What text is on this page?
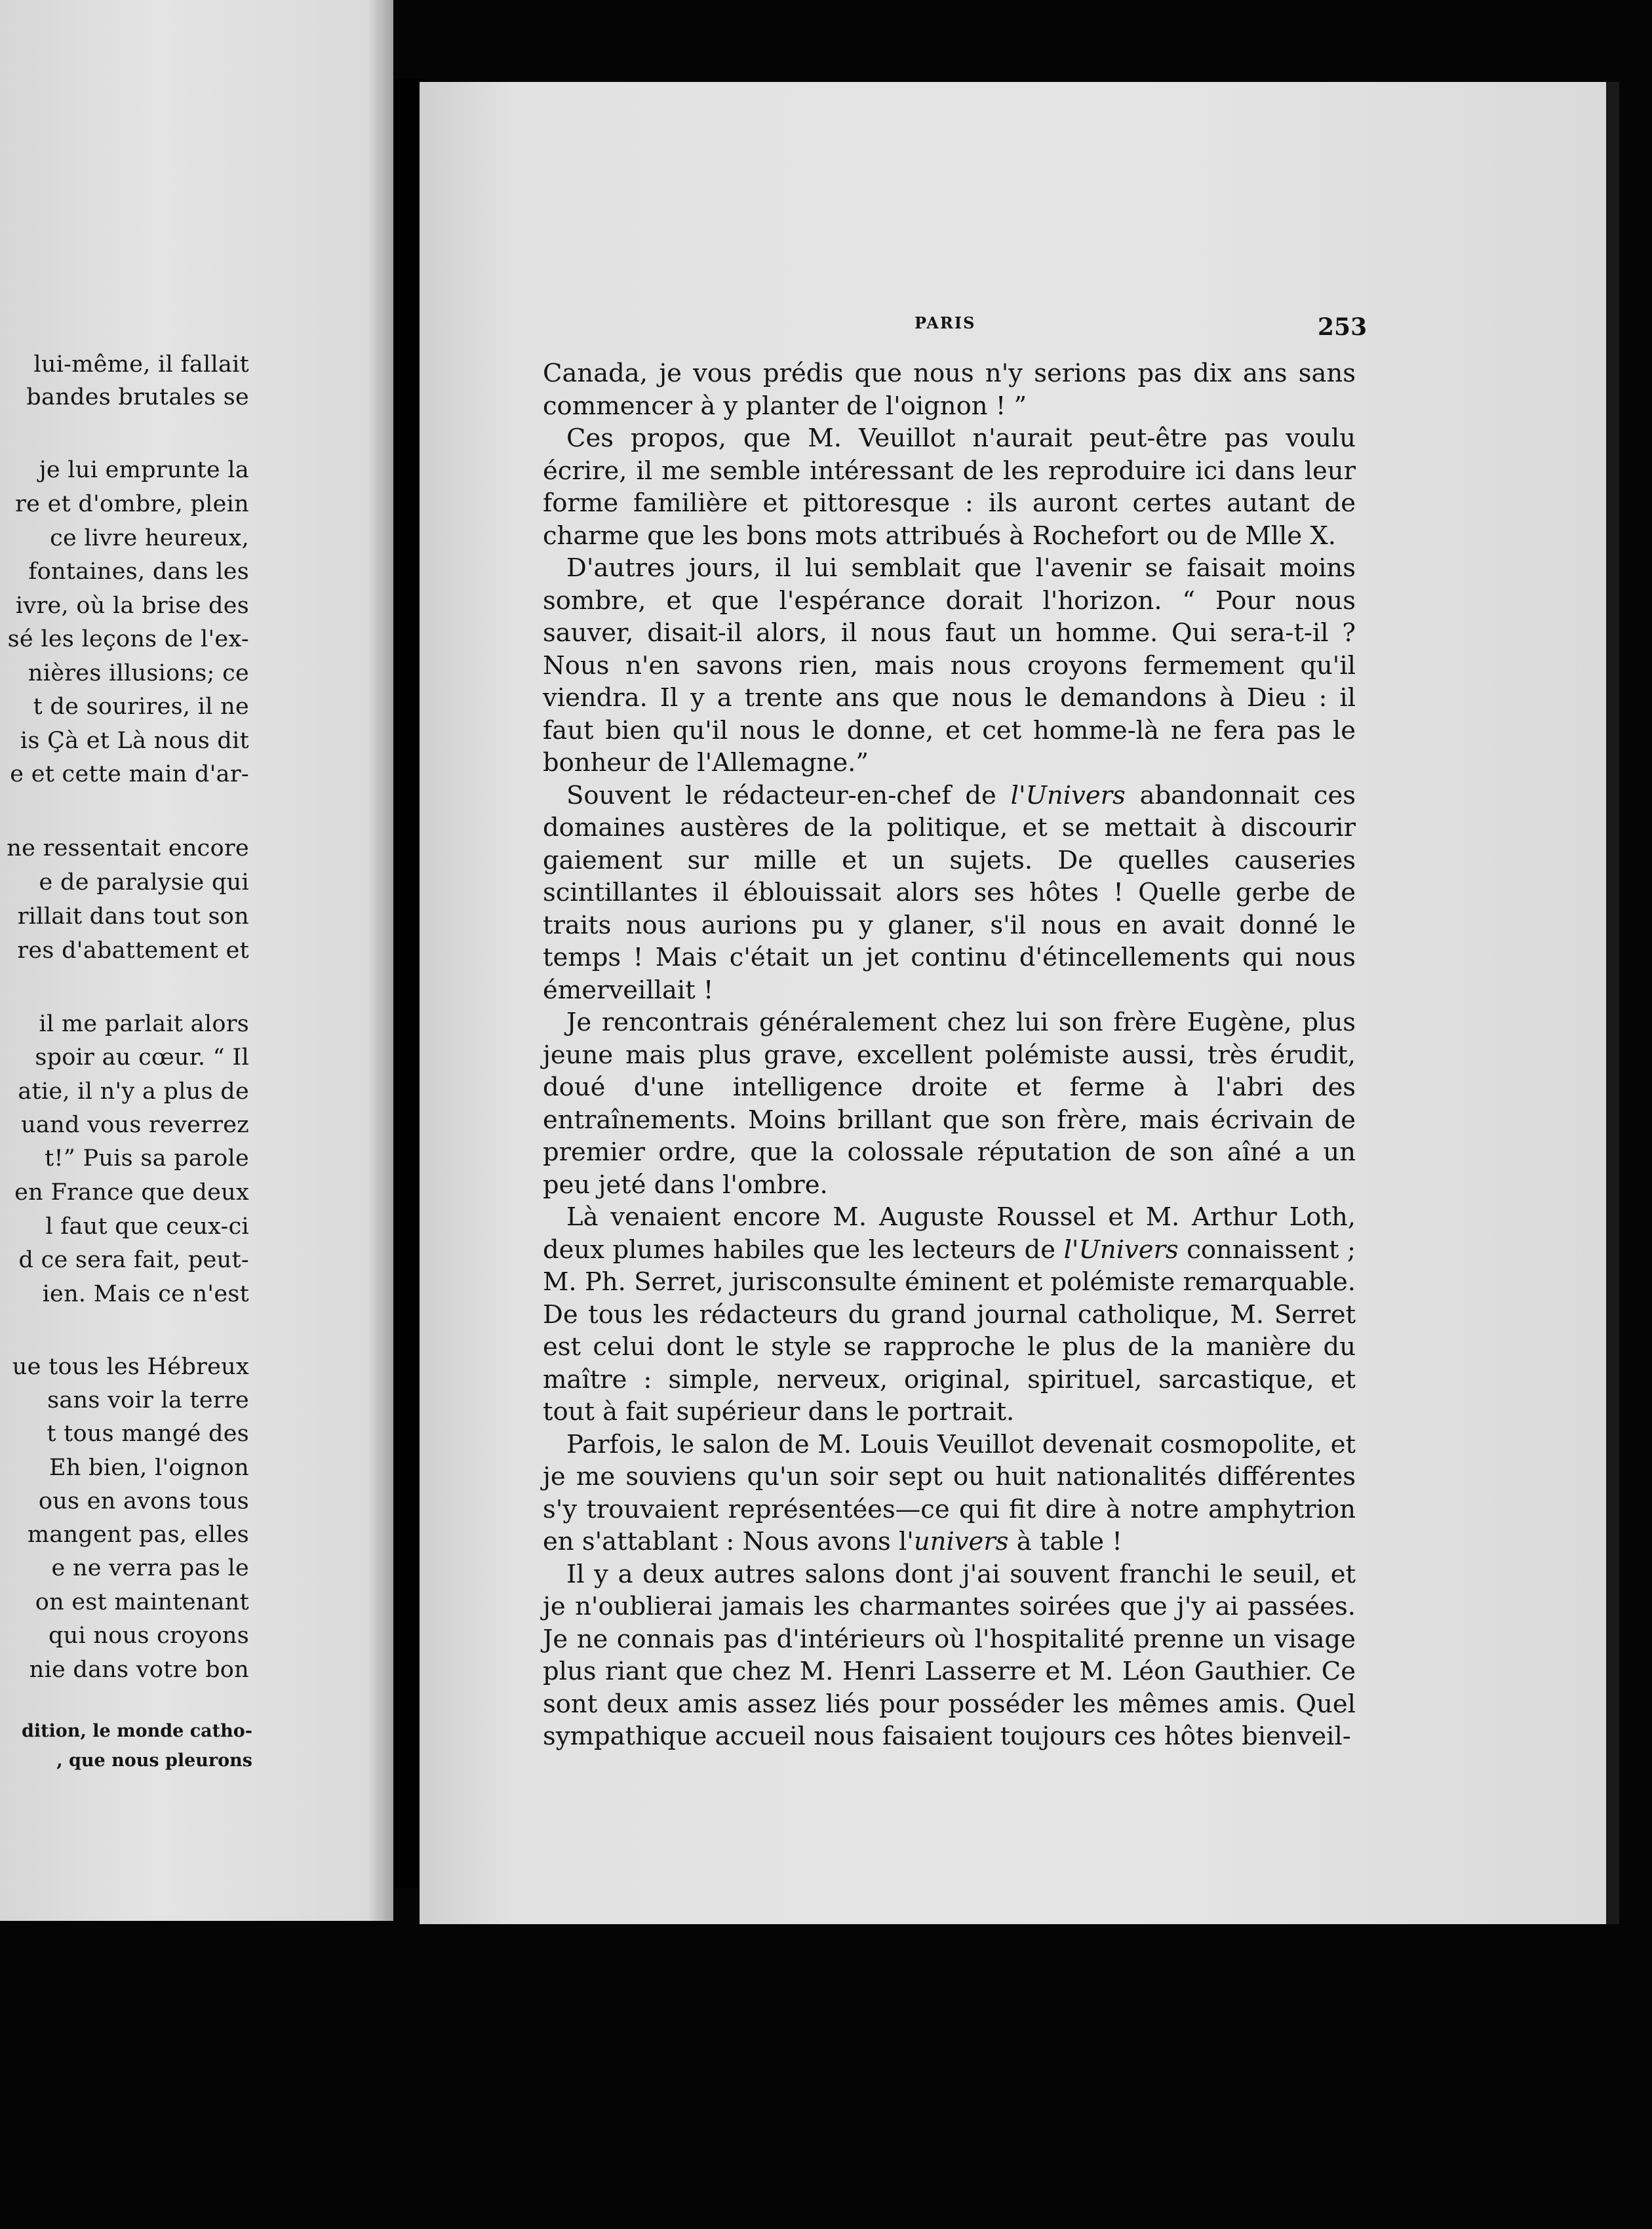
lui-même, il fallait
bandes brutales se
je lui emprunte la
re et d'ombre, plein
ce livre heureux,
fontaines, dans les
ivre, où la brise des
sé les leçons de l'ex-
nières illusions; ce
t de sourires, il ne
is Çà et Là nous dit
e et cette main d'ar-
ne ressentait encore
e de paralysie qui
rillait dans tout son
res d'abattement et
il me parlait alors
spoir au cœur. “ Il
atie, il n'y a plus de
uand vous reverrez
t!” Puis sa parole
en France que deux
l faut que ceux-ci
d ce sera fait, peut-
ien. Mais ce n'est
ue tous les Hébreux
sans voir la terre
t tous mangé des
Eh bien, l'oignon
ous en avons tous
mangent pas, elles
e ne verra pas le
on est maintenant
qui nous croyons
nie dans votre bon
dition, le monde catho-
, que nous pleurons
PARIS	253

Canada, je vous prédis que nous n'y serions pas dix ans sans commencer à y planter de l'oignon ! ”

Ces propos, que M. Veuillot n'aurait peut-être pas voulu écrire, il me semble intéressant de les reproduire ici dans leur forme familière et pittoresque : ils auront certes autant de charme que les bons mots attribués à Rochefort ou de Mlle X.

D'autres jours, il lui semblait que l'avenir se faisait moins sombre, et que l'espérance dorait l'horizon. “ Pour nous sauver, disait-il alors, il nous faut un homme. Qui sera-t-il ? Nous n'en savons rien, mais nous croyons fermement qu'il viendra. Il y a trente ans que nous le demandons à Dieu : il faut bien qu'il nous le donne, et cet homme-là ne fera pas le bonheur de l'Allemagne.”

Souvent le rédacteur-en-chef de l'Univers abandonnait ces domaines austères de la politique, et se mettait à discourir gaiement sur mille et un sujets. De quelles causeries scintillantes il éblouissait alors ses hôtes ! Quelle gerbe de traits nous aurions pu y glaner, s'il nous en avait donné le temps ! Mais c'était un jet continu d'étincellements qui nous émerveillait !

Je rencontrais généralement chez lui son frère Eugène, plus jeune mais plus grave, excellent polémiste aussi, très érudit, doué d'une intelligence droite et ferme à l'abri des entraînements. Moins brillant que son frère, mais écrivain de premier ordre, que la colossale réputation de son aîné a un peu jeté dans l'ombre.

Là venaient encore M. Auguste Roussel et M. Arthur Loth, deux plumes habiles que les lecteurs de l'Univers connaissent ; M. Ph. Serret, jurisconsulte éminent et polémiste remarquable. De tous les rédacteurs du grand journal catholique, M. Serret est celui dont le style se rapproche le plus de la manière du maître : simple, nerveux, original, spirituel, sarcastique, et tout à fait supérieur dans le portrait.

Parfois, le salon de M. Louis Veuillot devenait cosmopolite, et je me souviens qu'un soir sept ou huit nationalités différentes s'y trouvaient représentées—ce qui fit dire à notre amphytrion en s'attablant : Nous avons l'univers à table !

Il y a deux autres salons dont j'ai souvent franchi le seuil, et je n'oublierai jamais les charmantes soirées que j'y ai passées. Je ne connais pas d'intérieurs où l'hospitalité prenne un visage plus riant que chez M. Henri Lasserre et M. Léon Gauthier. Ce sont deux amis assez liés pour posséder les mêmes amis. Quel sympathique accueil nous faisaient toujours ces hôtes bienveil-
